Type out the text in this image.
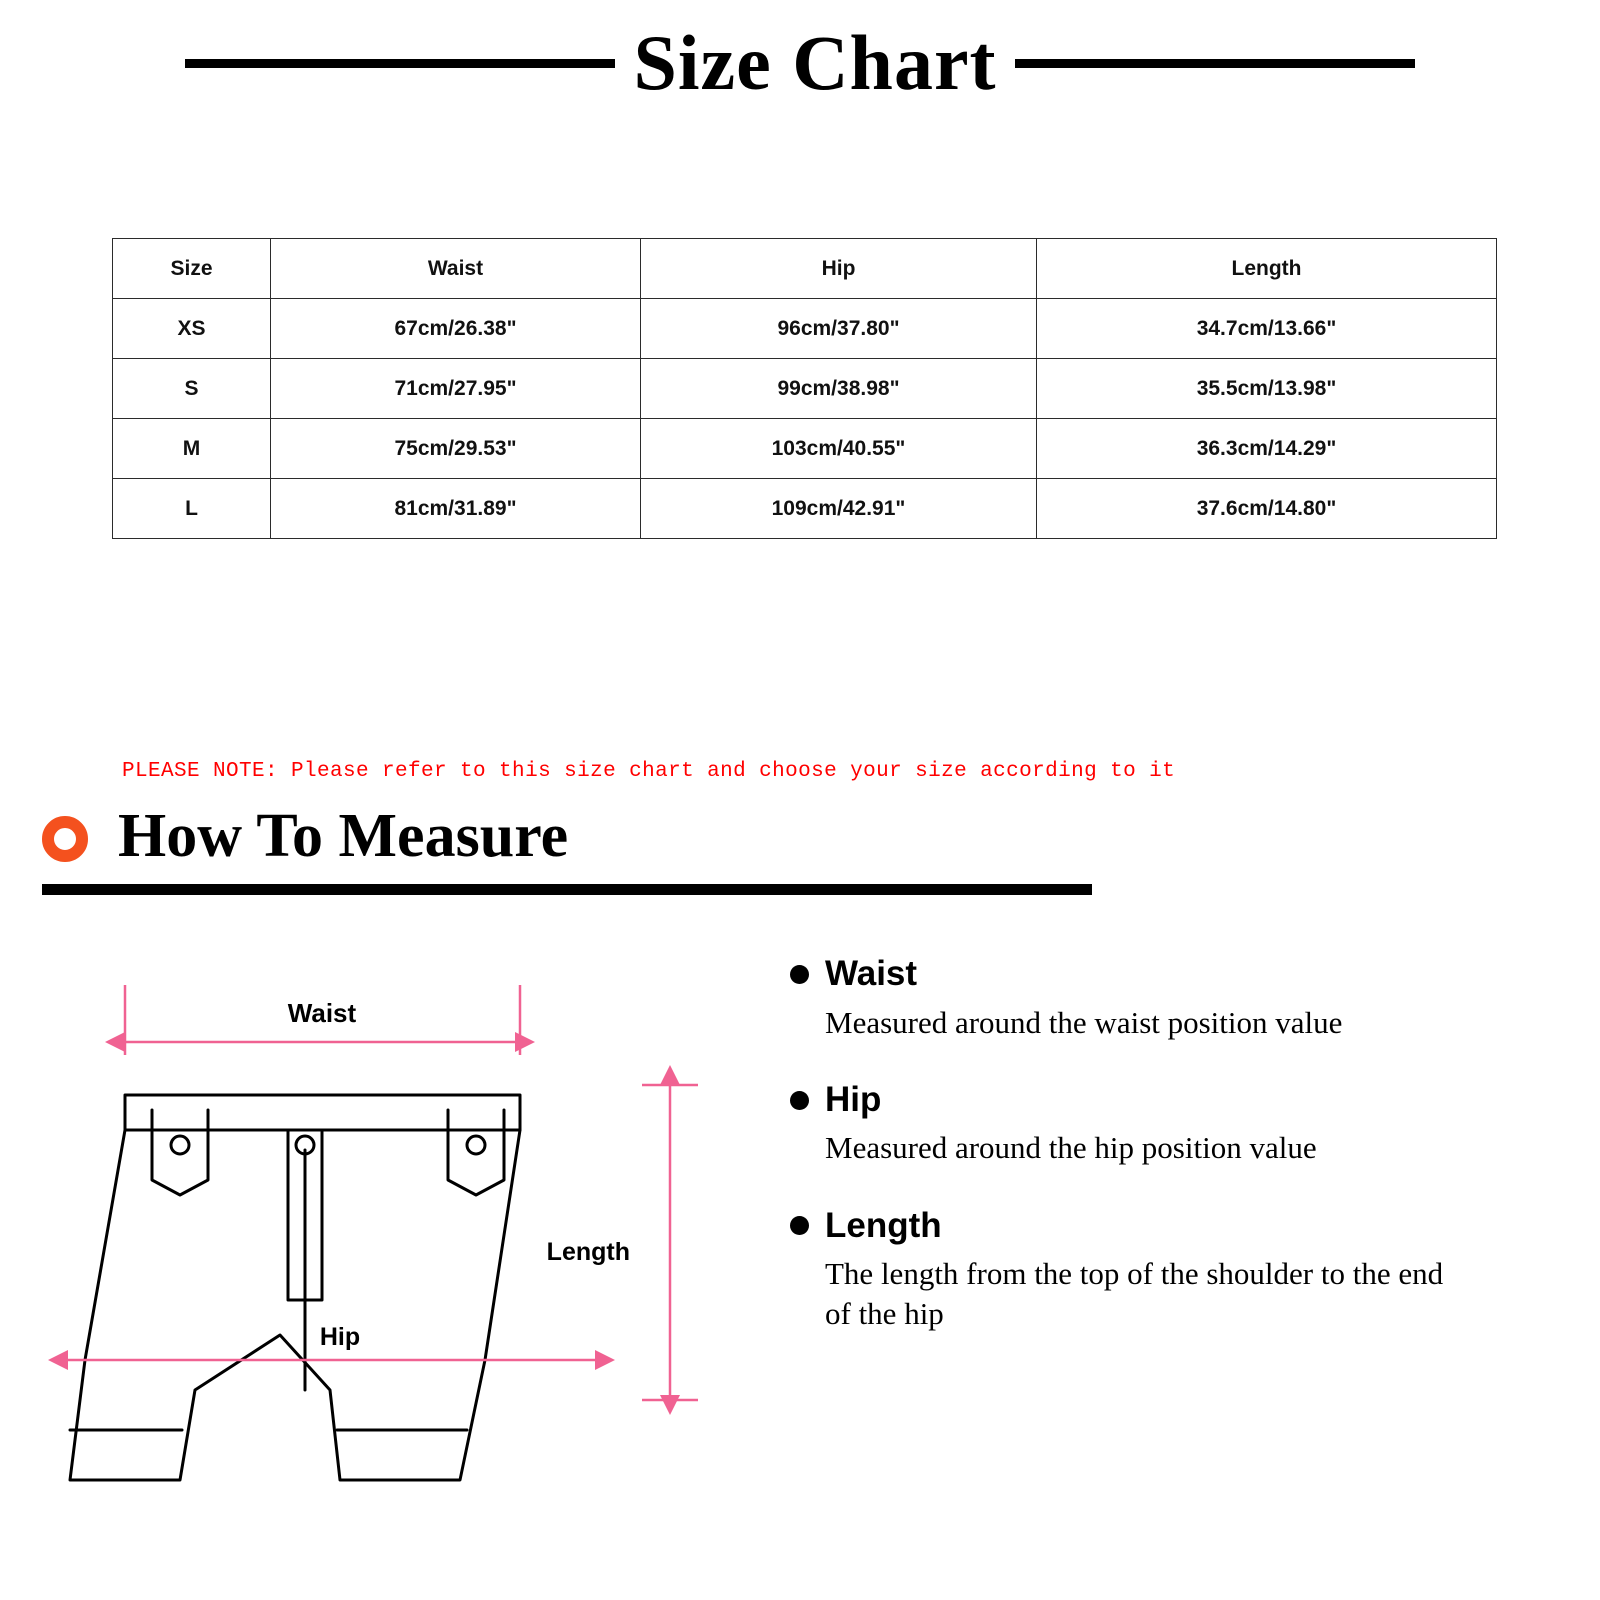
Size Chart
Size	Waist	Hip	Length
XS	67cm/26.38"	96cm/37.80"	34.7cm/13.66"
S	71cm/27.95"	99cm/38.98"	35.5cm/13.98"
M	75cm/29.53"	103cm/40.55"	36.3cm/14.29"
L	81cm/31.89"	109cm/42.91"	37.6cm/14.80"
PLEASE NOTE: Please refer to this size chart and choose your size according to it
How To Measure
Waist
Hip
Length
Waist
Measured around the waist position value
Hip
Measured around the hip position value
Length
The length from the top of the shoulder to the end of the hip
